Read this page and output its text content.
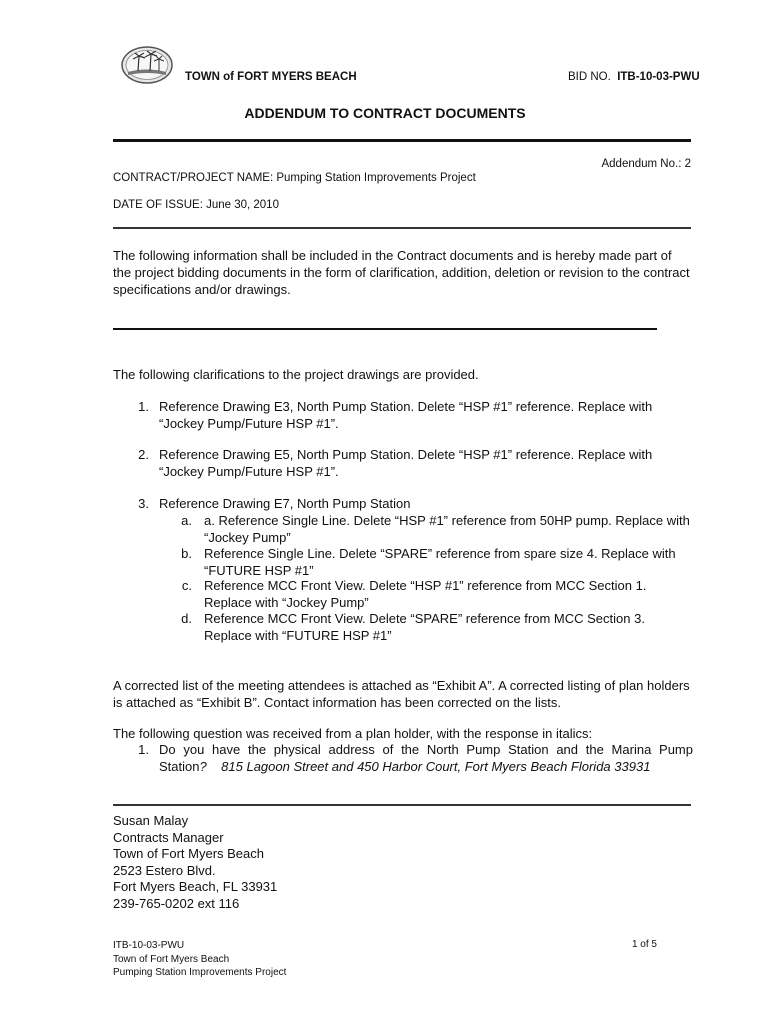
TOWN of FORT MYERS BEACH	BID NO. ITB-10-03-PWU
ADDENDUM TO CONTRACT DOCUMENTS
Addendum No.: 2
CONTRACT/PROJECT NAME: Pumping Station Improvements Project
DATE OF ISSUE: June 30, 2010
The following information shall be included in the Contract documents and is hereby made part of the project bidding documents in the form of clarification, addition, deletion or revision to the contract specifications and/or drawings.
The following clarifications to the project drawings are provided.
1. Reference Drawing E3, North Pump Station. Delete “HSP #1” reference. Replace with “Jockey Pump/Future HSP #1”.
2. Reference Drawing E5, North Pump Station. Delete “HSP #1” reference. Replace with “Jockey Pump/Future HSP #1”.
3. Reference Drawing E7, North Pump Station
a. a. Reference Single Line. Delete “HSP #1” reference from 50HP pump. Replace with “Jockey Pump”
b. Reference Single Line. Delete “SPARE” reference from spare size 4. Replace with “FUTURE HSP #1”
c. Reference MCC Front View. Delete “HSP #1” reference from MCC Section 1. Replace with “Jockey Pump”
d. Reference MCC Front View. Delete “SPARE” reference from MCC Section 3. Replace with “FUTURE HSP #1”
A corrected list of the meeting attendees is attached as “Exhibit A”. A corrected listing of plan holders is attached as “Exhibit B”. Contact information has been corrected on the lists.
The following question was received from a plan holder, with the response in italics:
1. Do you have the physical address of the North Pump Station and the Marina Pump Station? 815 Lagoon Street and 450 Harbor Court, Fort Myers Beach Florida 33931
Susan Malay
Contracts Manager
Town of Fort Myers Beach
2523 Estero Blvd.
Fort Myers Beach, FL 33931
239-765-0202 ext 116
ITB-10-03-PWU
Town of Fort Myers Beach
Pumping Station Improvements Project
1 of 5
